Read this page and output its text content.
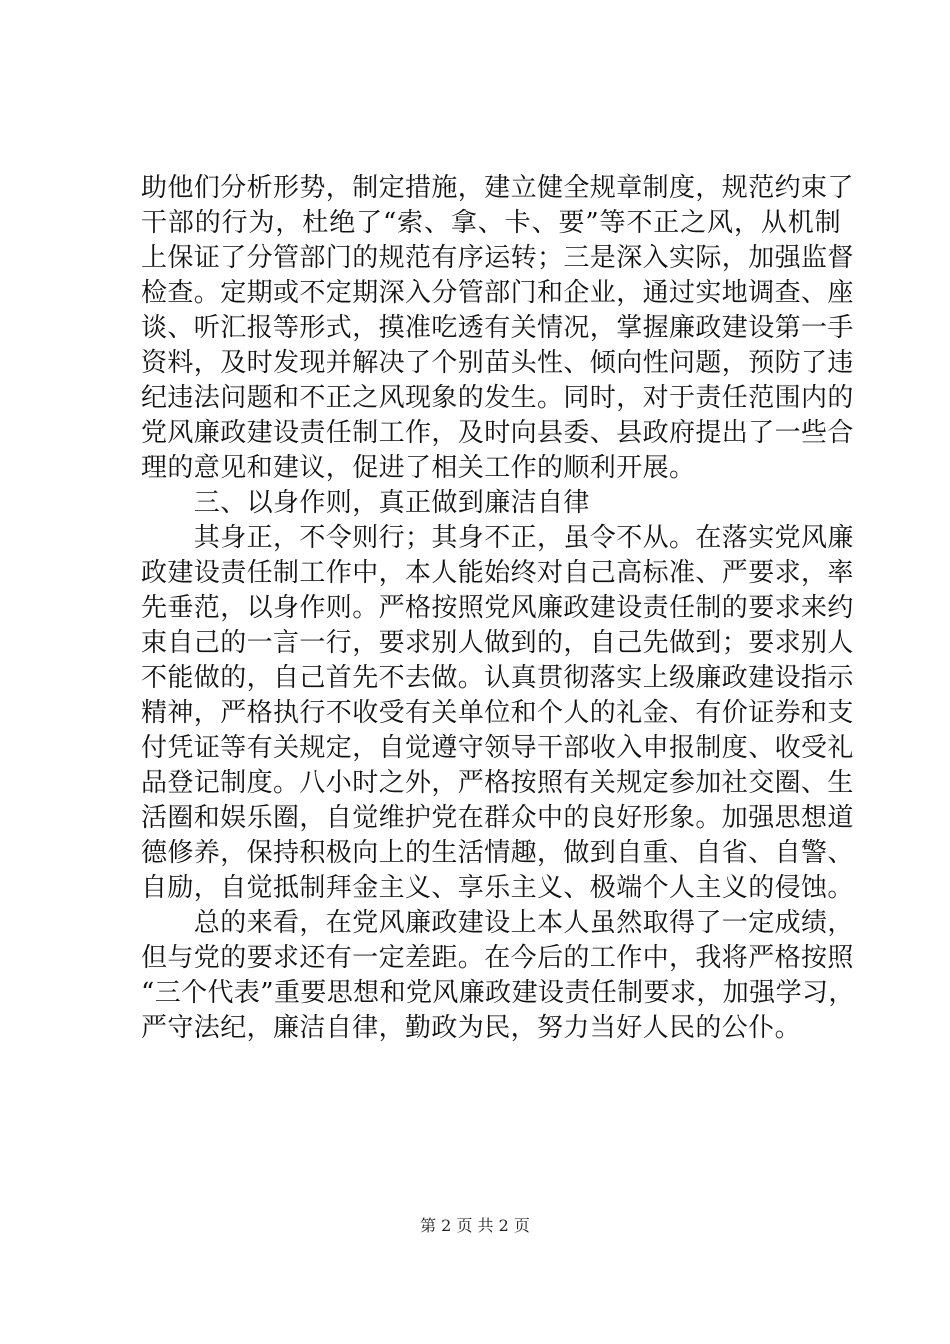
助他们分析形势，制定措施，建立健全规章制度，规范约束了
干部的行为，杜绝了“索、拿、卡、要”等不正之风，从机制
上保证了分管部门的规范有序运转；三是深入实际，加强监督
检查。定期或不定期深入分管部门和企业，通过实地调查、座
谈、听汇报等形式，摸准吃透有关情况，掌握廉政建设第一手
资料，及时发现并解决了个别苗头性、倾向性问题，预防了违
纪违法问题和不正之风现象的发生。同时，对于责任范围内的
党风廉政建设责任制工作，及时向县委、县政府提出了一些合
理的意见和建议，促进了相关工作的顺利开展。
　　三、以身作则，真正做到廉洁自律
　　其身正，不令则行；其身不正，虽令不从。在落实党风廉
政建设责任制工作中，本人能始终对自己高标准、严要求，率
先垂范，以身作则。严格按照党风廉政建设责任制的要求来约
束自己的一言一行，要求别人做到的，自己先做到；要求别人
不能做的，自己首先不去做。认真贯彻落实上级廉政建设指示
精神，严格执行不收受有关单位和个人的礼金、有价证券和支
付凭证等有关规定，自觉遵守领导干部收入申报制度、收受礼
品登记制度。八小时之外，严格按照有关规定参加社交圈、生
活圈和娱乐圈，自觉维护党在群众中的良好形象。加强思想道
德修养，保持积极向上的生活情趣，做到自重、自省、自警、
自励，自觉抵制拜金主义、享乐主义、极端个人主义的侵蚀。
　　总的来看，在党风廉政建设上本人虽然取得了一定成绩，
但与党的要求还有一定差距。在今后的工作中，我将严格按照
“三个代表”重要思想和党风廉政建设责任制要求，加强学习，
严守法纪，廉洁自律，勤政为民，努力当好人民的公仆。
第 2 页 共 2 页
